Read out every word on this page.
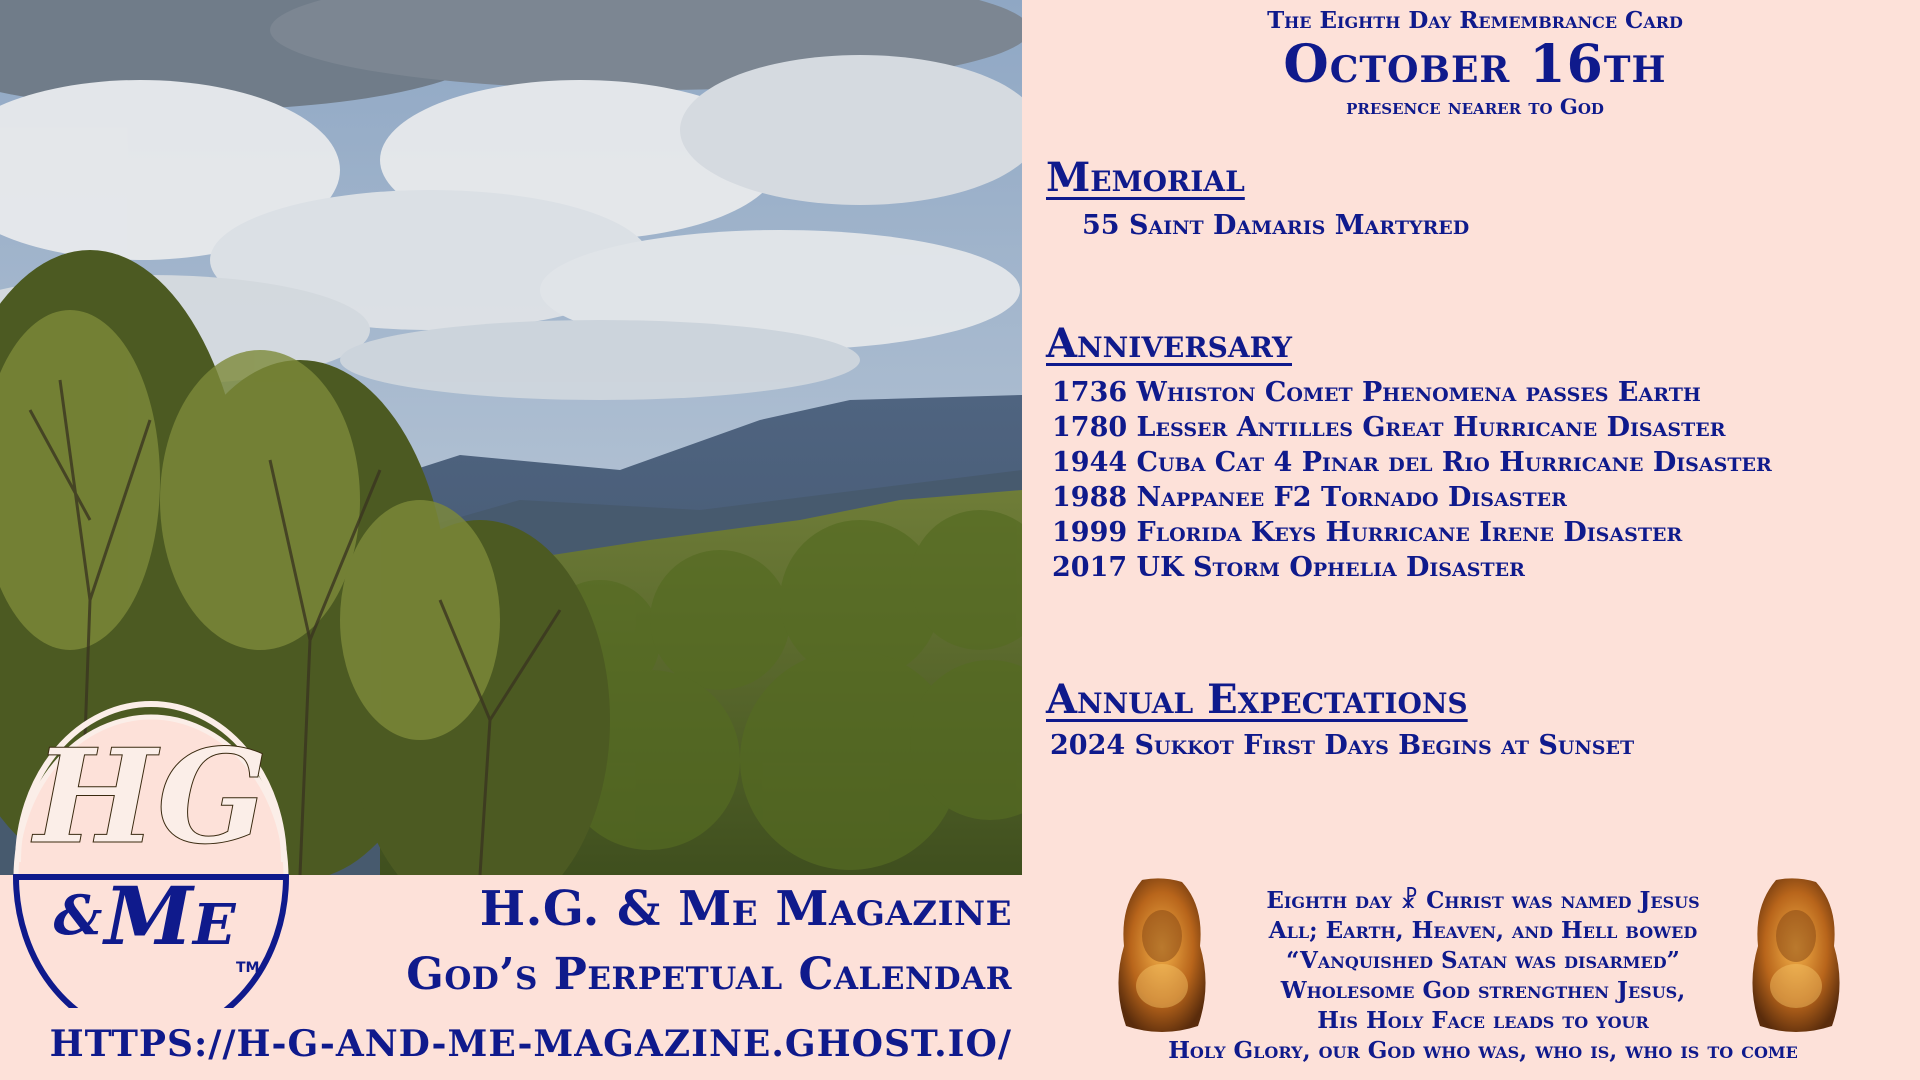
HG
& Me
TM
H.G. & Me Magazine
God’s Perpetual Calendar
HTTPS://H-G-AND-ME-MAGAZINE.GHOST.IO/
The Eighth Day Remembrance Card
October 16th
presence nearer to God
Memorial
55 Saint Damaris Martyred
Anniversary
1736 Whiston Comet Phenomena passes Earth
1780 Lesser Antilles Great Hurricane Disaster
1944 Cuba Cat 4 Pinar del Rio Hurricane Disaster
1988 Nappanee F2 Tornado Disaster
1999 Florida Keys Hurricane Irene Disaster
2017 UK Storm Ophelia Disaster
Annual Expectations
2024 Sukkot First Days Begins at Sunset
Eighth day ☧ Christ was named Jesus
All; Earth, Heaven, and Hell bowed
“Vanquished Satan was disarmed”
Wholesome God strengthen Jesus,
His Holy Face leads to your
Holy Glory, our God who was, who is, who is to come
